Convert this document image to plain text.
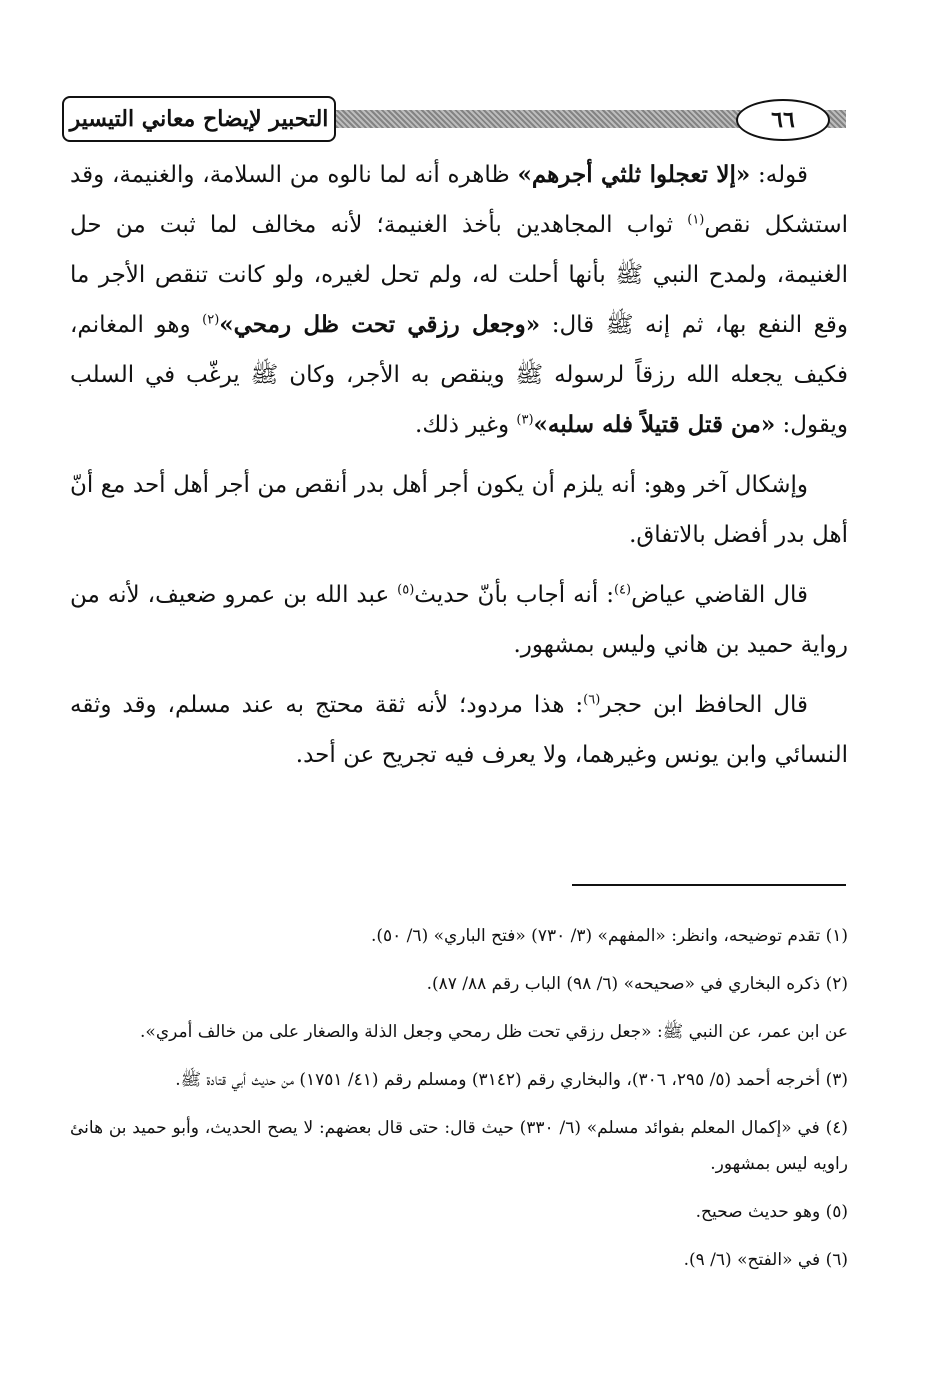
التحبير لإيضاح معاني التيسير	٦٦

قوله: «إلا تعجلوا ثلثي أجرهم» ظاهره أنه لما نالوه من السلامة، والغنيمة، وقد استشكل نقص$^{(١)}$ ثواب المجاهدين بأخذ الغنيمة؛ لأنه مخالف لما ثبت من حل الغنيمة، ولمدح النبي ﷺ بأنها أحلت له، ولم تحل لغيره، ولو كانت تنقص الأجر ما وقع النفع بها، ثم إنه ﷺ قال: «وجعل رزقي تحت ظل رمحي»$^{(٢)}$ وهو المغانم، فكيف يجعله الله رزقاً لرسوله ﷺ وينقص به الأجر، وكان ﷺ يرغّب في السلب ويقول: «من قتل قتيلاً فله سلبه»$^{(٣)}$ وغير ذلك.

وإشكال آخر وهو: أنه يلزم أن يكون أجر أهل بدر أنقص من أجر أهل أحد مع أنّ أهل بدر أفضل بالاتفاق.

قال القاضي عياض$^{(٤)}$: أنه أجاب بأنّ حديث$^{(٥)}$ عبد الله بن عمرو ضعيف، لأنه من رواية حميد بن هاني وليس بمشهور.

قال الحافظ ابن حجر$^{(٦)}$: هذا مردود؛ لأنه ثقة محتج به عند مسلم، وقد وثقه النسائي وابن يونس وغيرهما، ولا يعرف فيه تجريح عن أحد.

(١) تقدم توضيحه، وانظر: «المفهم» (٣/ ٧٣٠) «فتح الباري» (٦/ ٥٠).

(٢) ذكره البخاري في «صحيحه» (٦/ ٩٨) الباب رقم ٨٨/ ٨٧).

عن ابن عمر، عن النبي ﷺ: «جعل رزقي تحت ظل رمحي وجعل الذلة والصغار على من خالف أمري».

(٣) أخرجه أحمد (٥/ ٢٩٥، ٣٠٦)، والبخاري رقم (٣١٤٢) ومسلم رقم (٤١/ ١٧٥١) من حديث أبي قتادة ﷺ.

(٤) في «إكمال المعلم بفوائد مسلم» (٦/ ٣٣٠) حيث قال: حتى قال بعضهم: لا يصح الحديث، وأبو حميد بن هانئ راويه ليس بمشهور.

(٥) وهو حديث صحيح.

(٦) في «الفتح» (٦/ ٩).
